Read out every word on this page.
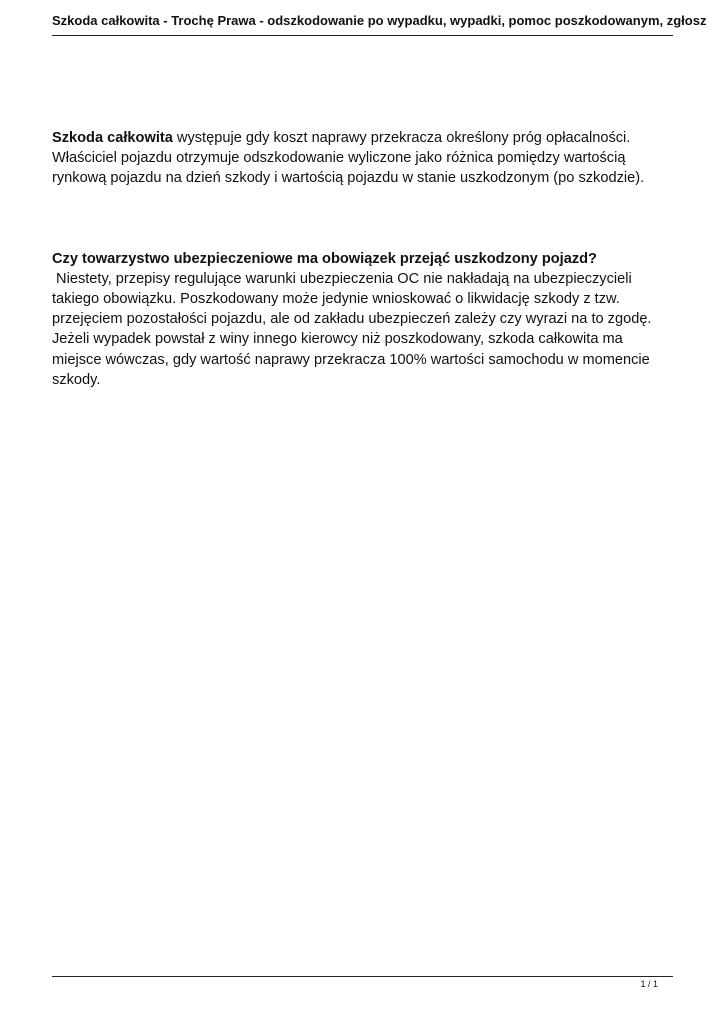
Szkoda całkowita - Trochę Prawa - odszkodowanie po wypadku, wypadki, pomoc poszkodowanym, zgłosz

Szkoda całkowita występuje gdy koszt naprawy przekracza określony próg opłacalności.
Właściciel pojazdu otrzymuje odszkodowanie wyliczone jako różnica pomiędzy wartością
rynkową pojazdu na dzień szkody i wartością pojazdu w stanie uszkodzonym (po szkodzie).

Czy towarzystwo ubezpieczeniowe ma obowiązek przejąć uszkodzony pojazd?
Niestety, przepisy regulujące warunki ubezpieczenia OC nie nakładają na ubezpieczycieli
takiego obowiązku. Poszkodowany może jedynie wnioskować o likwidację szkody z tzw.
przejęciem pozostałości pojazdu, ale od zakładu ubezpieczeń zależy czy wyrazi na to zgodę.
Jeżeli wypadek powstał z winy innego kierowcy niż poszkodowany, szkoda całkowita ma
miejsce wówczas, gdy wartość naprawy przekracza 100% wartości samochodu w momencie
szkody.

1 / 1
